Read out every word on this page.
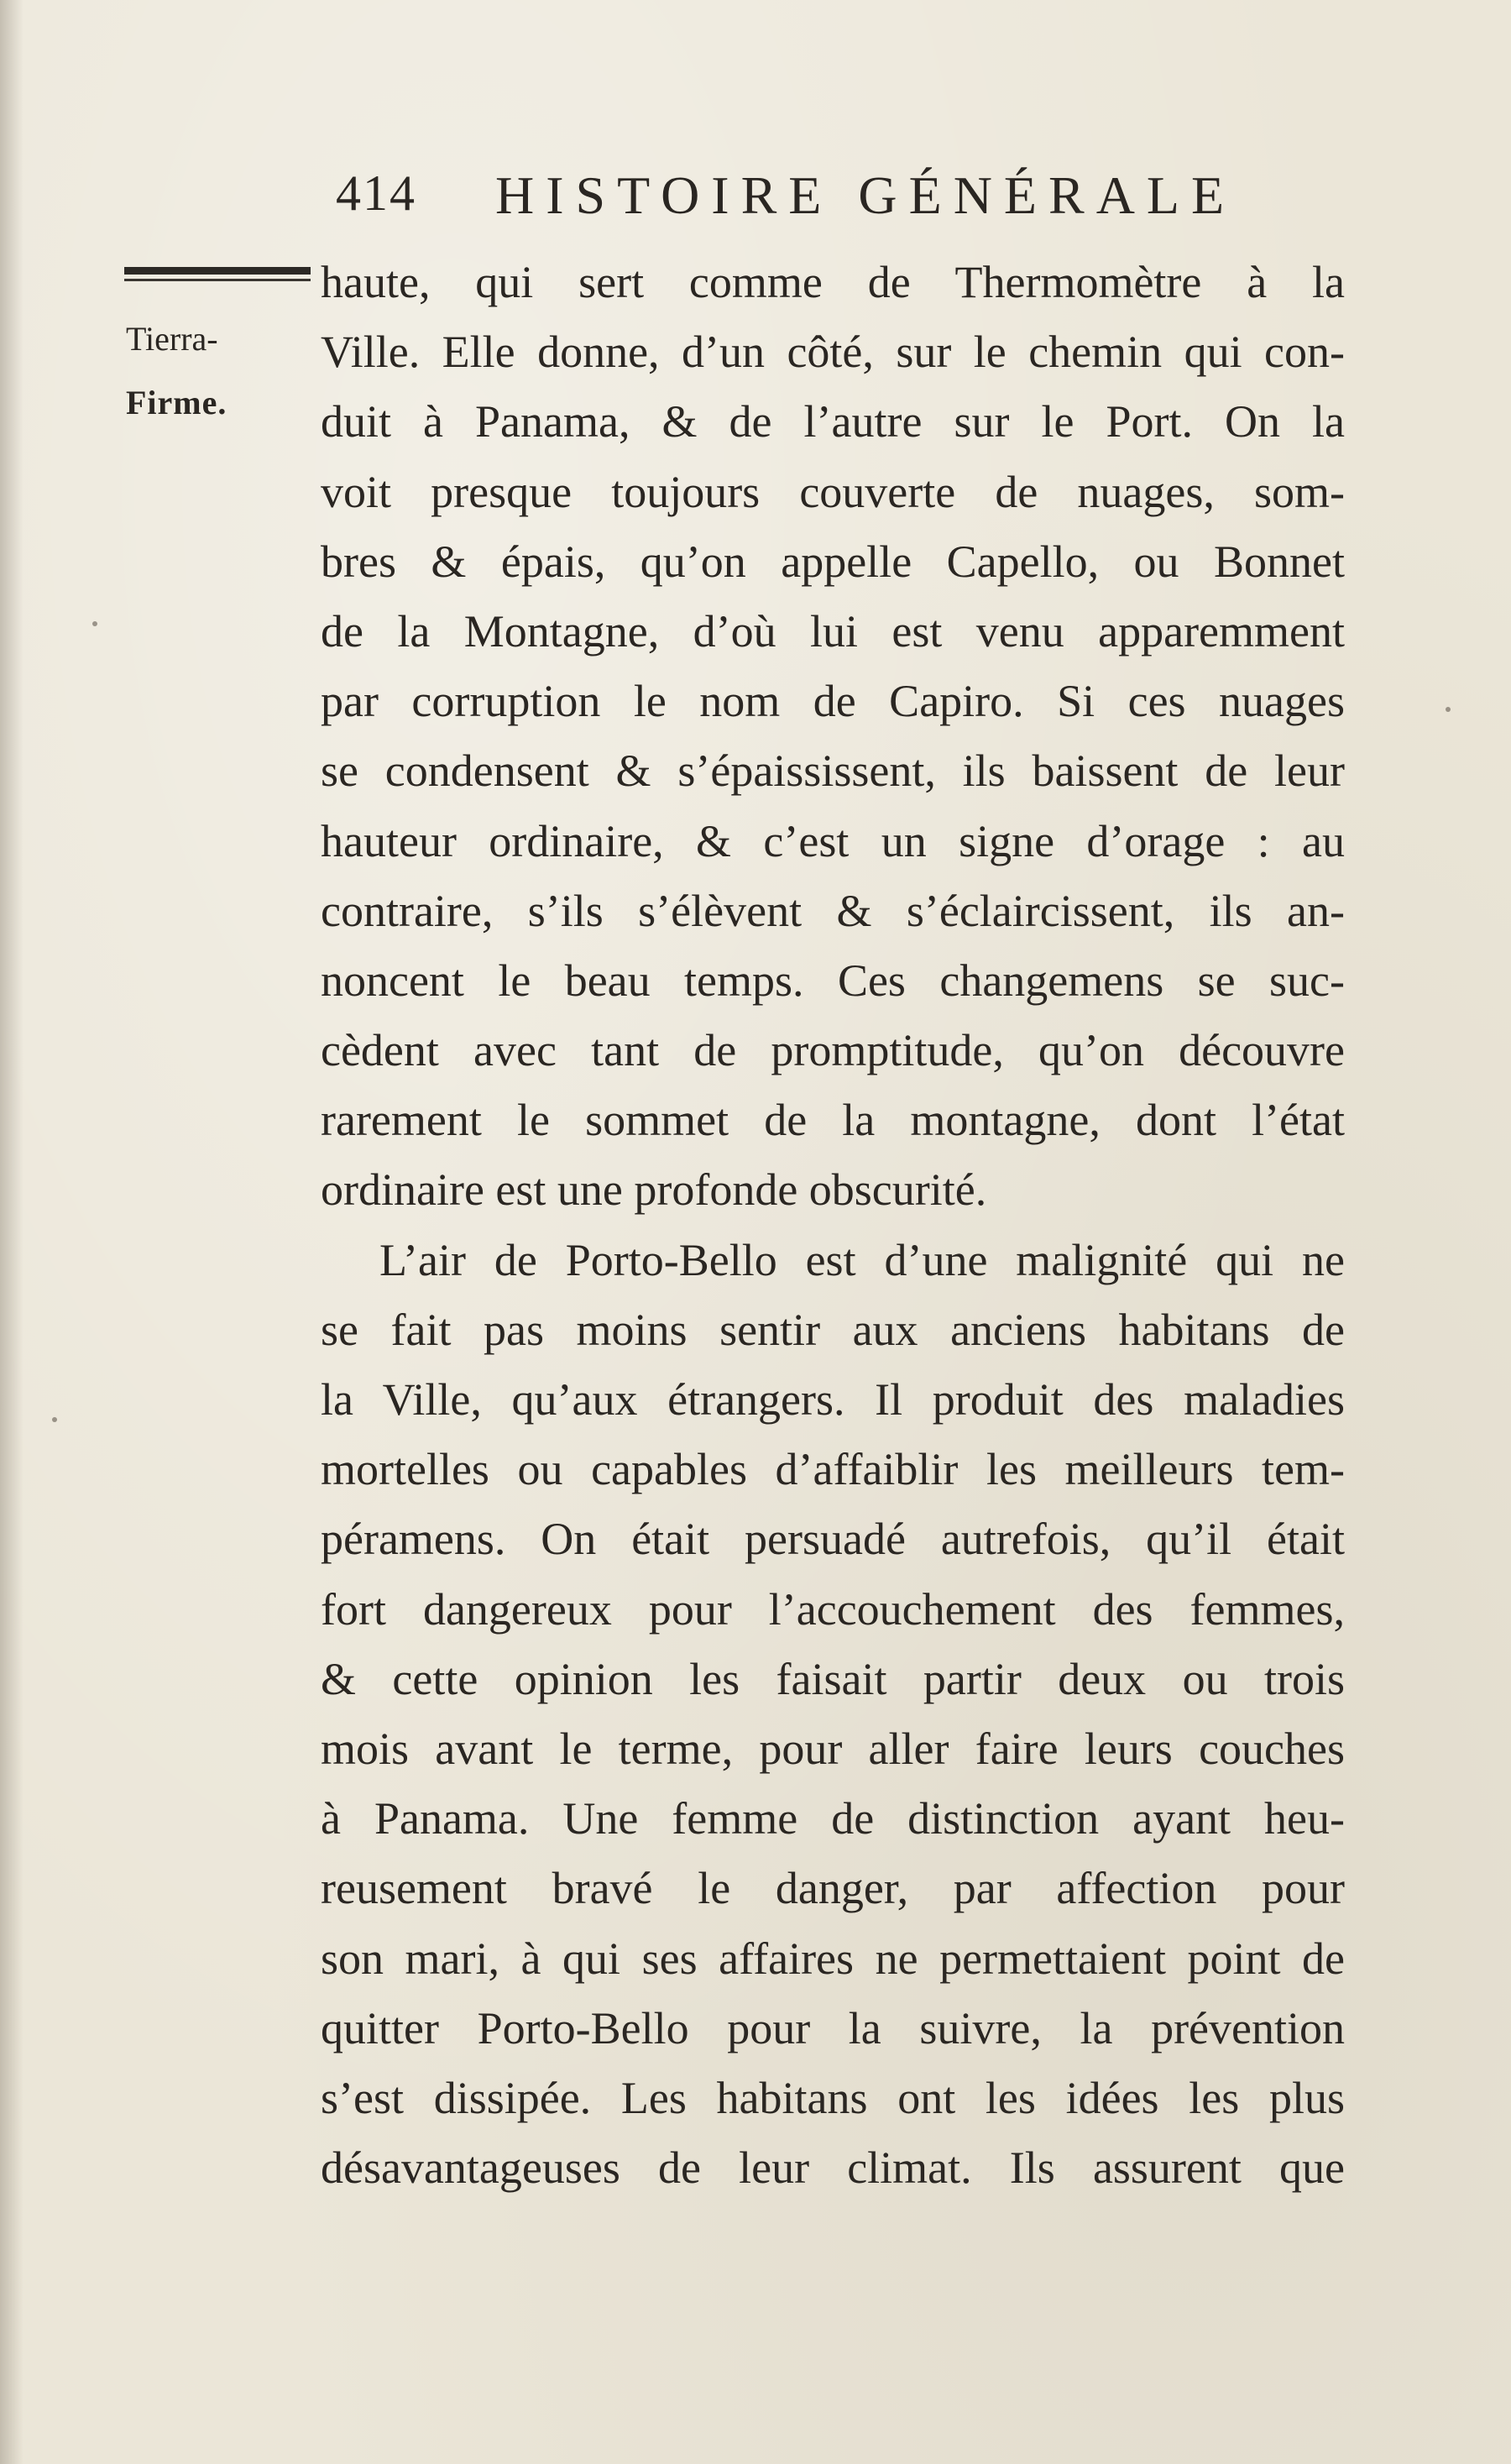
414 HISTOIRE GÉNÉRALE
Tierra-
Firme.
haute, qui sert comme de Thermomètre à la
Ville. Elle donne, d’un côté, sur le chemin qui con-
duit à Panama, & de l’autre sur le Port. On la
voit presque toujours couverte de nuages, som-
bres & épais, qu’on appelle Capello, ou Bonnet
de la Montagne, d’où lui est venu apparemment
par corruption le nom de Capiro. Si ces nuages
se condensent & s’épaississent, ils baissent de leur
hauteur ordinaire, & c’est un signe d’orage : au
contraire, s’ils s’élèvent & s’éclaircissent, ils an-
noncent le beau temps. Ces changemens se suc-
cèdent avec tant de promptitude, qu’on découvre
rarement le sommet de la montagne, dont l’état
ordinaire est une profonde obscurité.
L’air de Porto-Bello est d’une malignité qui ne
se fait pas moins sentir aux anciens habitans de
la Ville, qu’aux étrangers. Il produit des maladies
mortelles ou capables d’affaiblir les meilleurs tem-
péramens. On était persuadé autrefois, qu’il était
fort dangereux pour l’accouchement des femmes,
& cette opinion les faisait partir deux ou trois
mois avant le terme, pour aller faire leurs couches
à Panama. Une femme de distinction ayant heu-
reusement bravé le danger, par affection pour
son mari, à qui ses affaires ne permettaient point de
quitter Porto-Bello pour la suivre, la prévention
s’est dissipée. Les habitans ont les idées les plus
désavantageuses de leur climat. Ils assurent que
